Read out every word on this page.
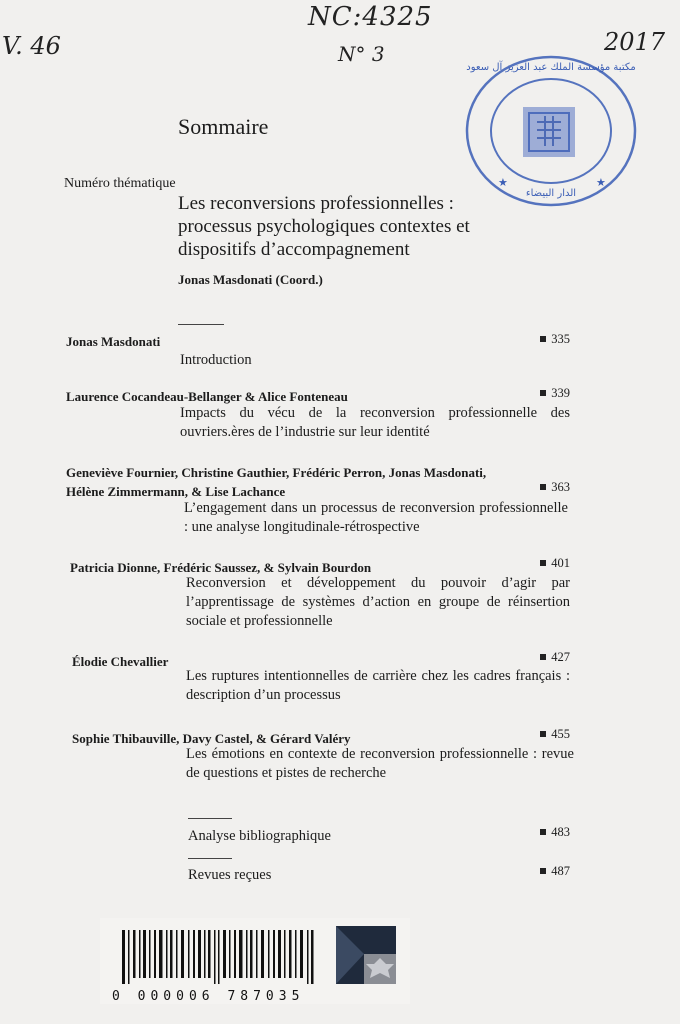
V. 46
NC:4325
N° 3	2017
مكتبة مؤسسة الملك عبد العزيز آل سعود
الدار البيضاء
★	★
Sommaire
Numéro thématique
Les reconversions professionnelles : processus psychologiques contextes et dispositifs d’accompagnement
Jonas Masdonati (Coord.)
Jonas Masdonati	335
Introduction
Laurence Cocandeau-Bellanger & Alice Fonteneau	339
Impacts du vécu de la reconversion professionnelle des ouvriers.ères de l’industrie sur leur identité
Geneviève Fournier, Christine Gauthier, Frédéric Perron, Jonas Masdonati,
Hélène Zimmermann, & Lise Lachance	363
L’engagement dans un processus de reconversion professionnelle : une analyse longitudinale-rétrospective
Patricia Dionne, Frédéric Saussez, & Sylvain Bourdon	401
Reconversion et développement du pouvoir d’agir par l’apprentissage de systèmes d’action en groupe de réinsertion sociale et professionnelle
Élodie Chevallier	427
Les ruptures intentionnelles de carrière chez les cadres français : description d’un processus
Sophie Thibauville, Davy Castel, & Gérard Valéry	455
Les émotions en contexte de reconversion professionnelle : revue de questions et pistes de recherche
Analyse bibliographique	483
Revues reçues	487
0 000006 787035
